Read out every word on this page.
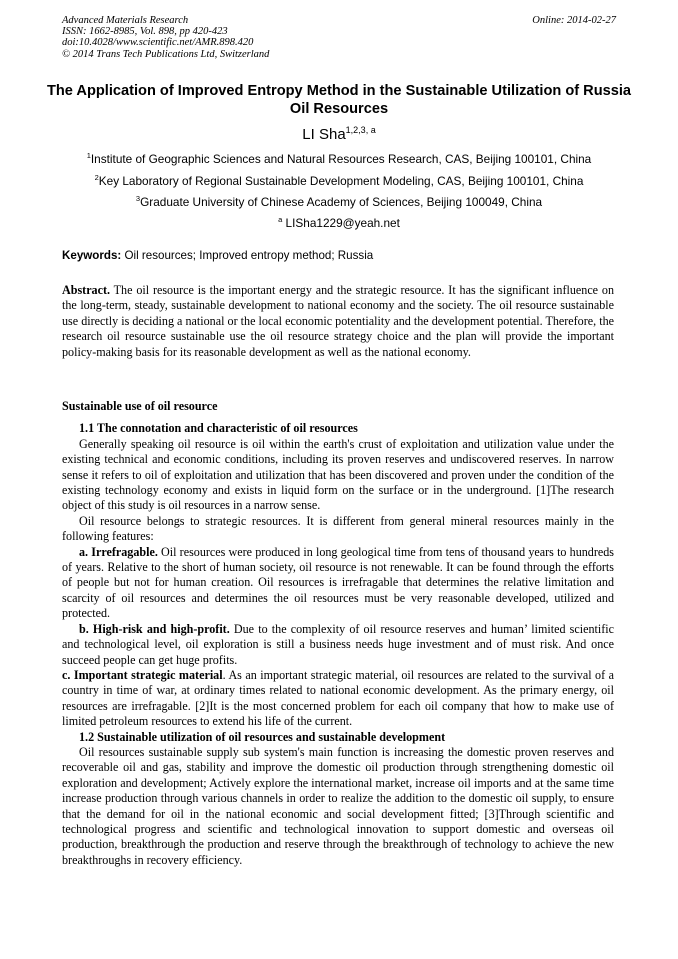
Advanced Materials Research
ISSN: 1662-8985, Vol. 898, pp 420-423
doi:10.4028/www.scientific.net/AMR.898.420
© 2014 Trans Tech Publications Ltd, Switzerland
Online: 2014-02-27
The Application of Improved Entropy Method in the Sustainable Utilization of Russia Oil Resources
LI Sha$^{1,2,3, a}$
$^1$Institute of Geographic Sciences and Natural Resources Research, CAS, Beijing 100101, China
$^2$Key Laboratory of Regional Sustainable Development Modeling, CAS, Beijing 100101, China
$^3$Graduate University of Chinese Academy of Sciences, Beijing 100049, China
$^a$ LISha1229@yeah.net
Keywords: Oil resources; Improved entropy method; Russia

Abstract. The oil resource is the important energy and the strategic resource. It has the significant influence on the long-term, steady, sustainable development to national economy and the society. The oil resource sustainable use directly is deciding a national or the local economic potentiality and the development potential. Therefore, the research oil resource sustainable use the oil resource strategy choice and the plan will provide the important policy-making basis for its reasonable development as well as the national economy.

Sustainable use of oil resource

1.1 The connotation and characteristic of oil resources

Generally speaking oil resource is oil within the earth's crust of exploitation and utilization value under the existing technical and economic conditions, including its proven reserves and undiscovered reserves. In narrow sense it refers to oil of exploitation and utilization that has been discovered and proven under the condition of the existing technology economy and exists in liquid form on the surface or in the underground. [1]The research object of this study is oil resources in a narrow sense.

Oil resource belongs to strategic resources. It is different from general mineral resources mainly in the following features:

a. Irrefragable. Oil resources were produced in long geological time from tens of thousand years to hundreds of years. Relative to the short of human society, oil resource is not renewable. It can be found through the efforts of people but not for human creation. Oil resources is irrefragable that determines the relative limitation and scarcity of oil resources and determines the oil resources must be very reasonable developed, utilized and protected.

b. High-risk and high-profit. Due to the complexity of oil resource reserves and human’ limited scientific and technological level, oil exploration is still a business needs huge investment and of must risk. And once succeed people can get huge profits.

c. Important strategic material. As an important strategic material, oil resources are related to the survival of a country in time of war, at ordinary times related to national economic development. As the primary energy, oil resources are irrefragable. [2]It is the most concerned problem for each oil company that how to make use of limited petroleum resources to extend his life of the current.

1.2 Sustainable utilization of oil resources and sustainable development

Oil resources sustainable supply sub system's main function is increasing the domestic proven reserves and recoverable oil and gas, stability and improve the domestic oil production through strengthening domestic oil exploration and development; Actively explore the international market, increase oil imports and at the same time increase production through various channels in order to realize the addition to the domestic oil supply, to ensure that the demand for oil in the national economic and social development fitted; [3]Through scientific and technological progress and scientific and technological innovation to support domestic and overseas oil production, breakthrough the production and reserve through the breakthrough of technology to achieve the new breakthroughs in recovery efficiency.
